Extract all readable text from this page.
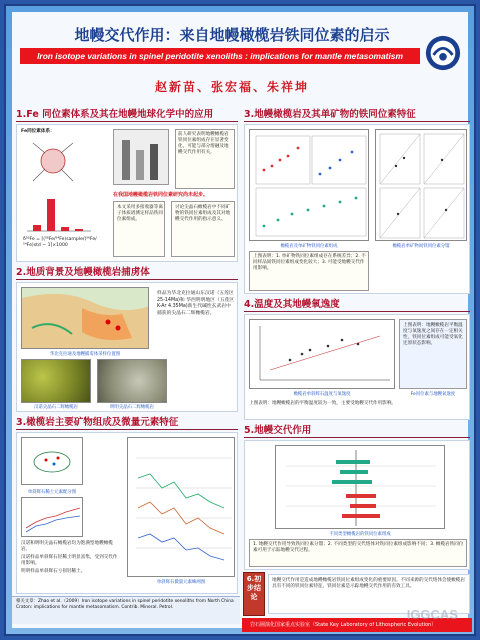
地幔交代作用：来自地幔橄榄岩铁同位素的启示
Iron isotope variations in spinel peridotite xenoliths : implications for mantle metasomatism
赵新苗、张宏福、朱祥坤
1.Fe 同位素体系及其在地幔地球化学中的应用
Fe同位素体系：
δ⁵⁶Fe = [(⁵⁶Fe/⁵⁴Fe)sample/(⁵⁶Fe/⁵⁴Fe)std − 1]×1000
前人研究表明地幔橄榄岩铁同位素组成存在显著变化，可能与部分熔融及地幔交代作用有关。
在我国地幔橄榄岩铁同位素研究尚未起步。
本文采用多接收器等离子体质谱测定样品铁同位素组成。
讨论尖晶石橄榄岩中不同矿物的铁同位素组成及其对地幔交代作用的指示意义。
2.地质背景及地幔橄榄岩捕虏体
样品为华北克拉通山东汉诺（五莲区25-14Ma)和 华西明明地区（五莲区K-Ar 4.35Ma)新生代碱性玄武岩中捕获的尖晶石二辉橄榄岩。
华北克拉通及地幔捕虏体采样位置图
汉诺尖晶石二辉橄榄岩	明明尖晶石二辉橄榄岩
3.橄榄岩主要矿物组成及微量元素特征
单斜辉石稀土元素配分图
汉诺和明明尖晶石橄榄岩均为饱满型地幔橄榄岩。
汉诺样品单斜辉石轻稀土明显富集，受到交代作用影响。
明明样品单斜辉石亏损轻稀土。
单斜辉石微量元素蛛网图
相关文章：Zhao et al.（2009）Iron isotope variations in spinel peridotite xenoliths from North China Craton: implications for mantle metasomatism. Contrib. Mineral. Petrol.
3.地幔橄榄岩及其单矿物的铁同位素特征
橄榄岩及单矿物铁同位素组成	橄榄岩单矿物间铁同位素分馏
上图表明：1. 单矿物铁同位素组成存在系统差异；2. 不同样品间铁同位素组成变化较大；3. 可能受地幔交代作用影响。
4.温度及其地幔氧逸度
上图表明：地幔橄榄岩平衡温度与氧逸度之间存在一定相关性，铁同位素组成可能受氧化还原状态影响。
橄榄岩单斜辉石温度与氧逸度	Fe同位素与地幔氧逸度
上图表明：地幔橄榄岩的平衡温度较为一致，主要受地幔交代作用影响。
5.地幔交代作用
不同类型橄榄岩的铁同位素组成
1. 地幔交代作用导致铁同位素分馏；2. 不同类型的交代熔体对铁同位素组成影响不同；3. 橄榄岩铁同位素可用于示踪地幔交代过程。
6.初步结论
地幔交代作用是造成地幔橄榄岩铁同位素组成变化的重要原因。不同来源的交代熔体会使橄榄岩具有不同的铁同位素特征，铁同位素是示踪地幔交代作用的有效工具。
岩石圈演化国家重点实验室（State Key Laboratory of Lithospheric Evolution）
IGGCAS
